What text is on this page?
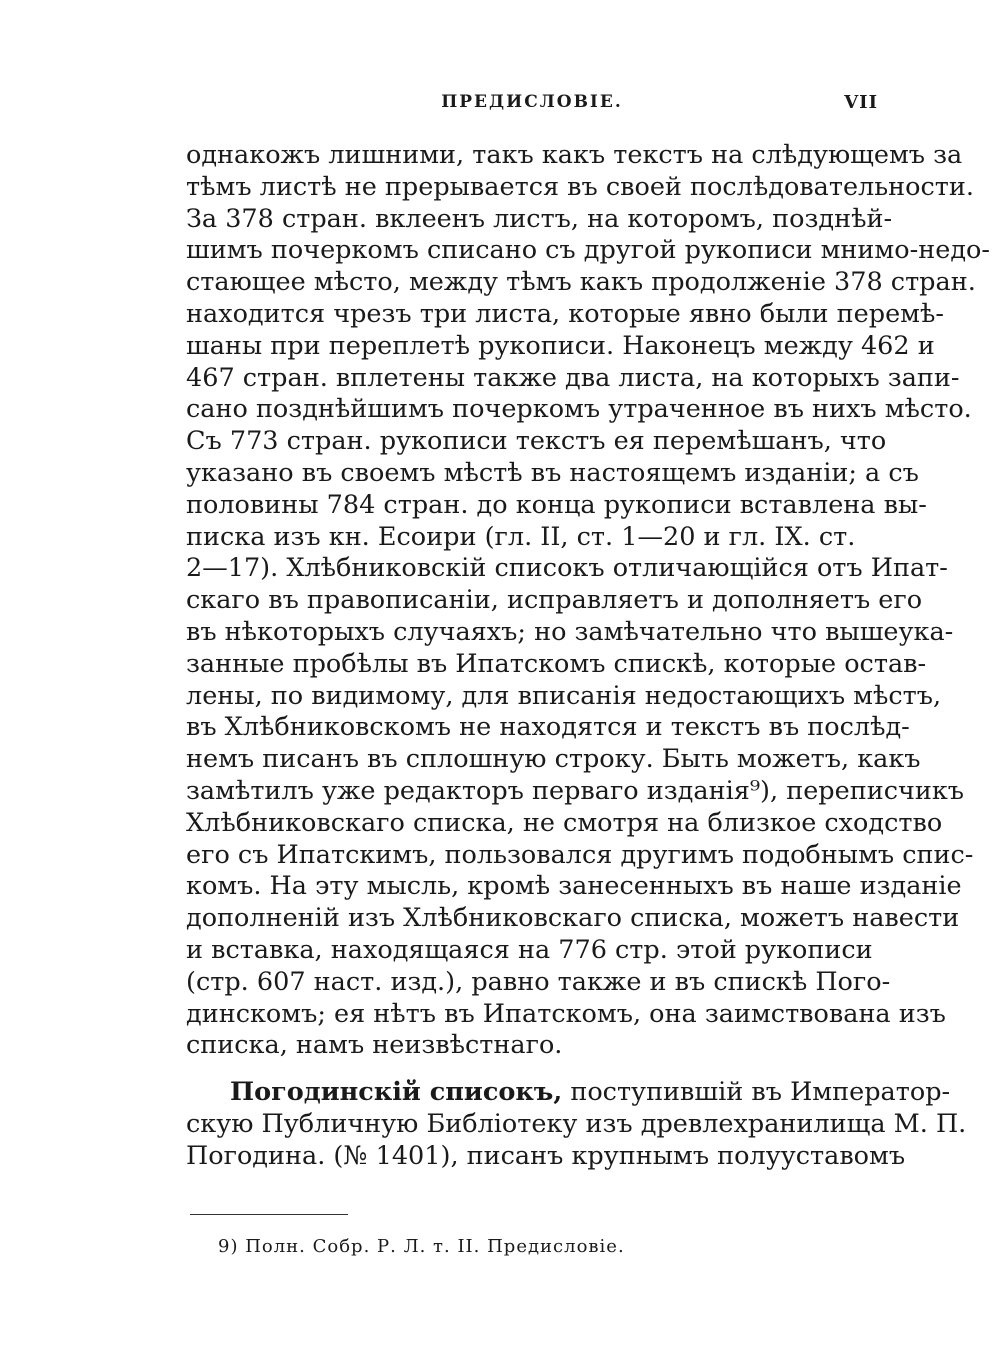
ПРЕДИСЛОВІЕ.	VII
однакожъ лишними, такъ какъ текстъ на слѣдующемъ за
тѣмъ листѣ не прерывается въ своей послѣдовательности.
За 378 стран. вклеенъ листъ, на которомъ, позднѣй-
шимъ почеркомъ списано съ другой рукописи мнимо-недо-
стающее мѣсто, между тѣмъ какъ продолженіе 378 стран.
находится чрезъ три листа, которые явно были перемѣ-
шаны при переплетѣ рукописи. Наконецъ между 462 и
467 стран. вплетены также два листа, на которыхъ запи-
сано позднѣйшимъ почеркомъ утраченное въ нихъ мѣсто.
Съ 773 стран. рукописи текстъ ея перемѣшанъ, что
указано въ своемъ мѣстѣ въ настоящемъ изданіи; а съ
половины 784 стран. до конца рукописи вставлена вы-
писка изъ кн. Есоири (гл. II, ст. 1—20 и гл. IX. ст.
2—17). Хлѣбниковскій списокъ отличающійся отъ Ипат-
скаго въ правописаніи, исправляетъ и дополняетъ его
въ нѣкоторыхъ случаяхъ; но замѣчательно что вышеука-
занные пробѣлы въ Ипатскомъ спискѣ, которые остав-
лены, по видимому, для вписанія недостающихъ мѣстъ,
въ Хлѣбниковскомъ не находятся и текстъ въ послѣд-
немъ писанъ въ сплошную строку. Быть можетъ, какъ
замѣтилъ уже редакторъ перваго изданія⁹), переписчикъ
Хлѣбниковскаго списка, не смотря на близкое сходство
его съ Ипатскимъ, пользовался другимъ подобнымъ спис-
комъ. На эту мысль, кромѣ занесенныхъ въ наше изданіе
дополненій изъ Хлѣбниковскаго списка, можетъ навести
и вставка, находящаяся на 776 стр. этой рукописи
(стр. 607 наст. изд.), равно также и въ спискѣ Пого-
динскомъ; ея нѣтъ въ Ипатскомъ, она заимствована изъ
списка, намъ неизвѣстнаго.
Погодинскій списокъ, поступившій въ Император-
скую Публичную Библіотеку изъ древлехранилища М. П.
Погодина. (№ 1401), писанъ крупнымъ полууставомъ
9) Полн. Собр. Р. Л. т. II. Предисловіе.
